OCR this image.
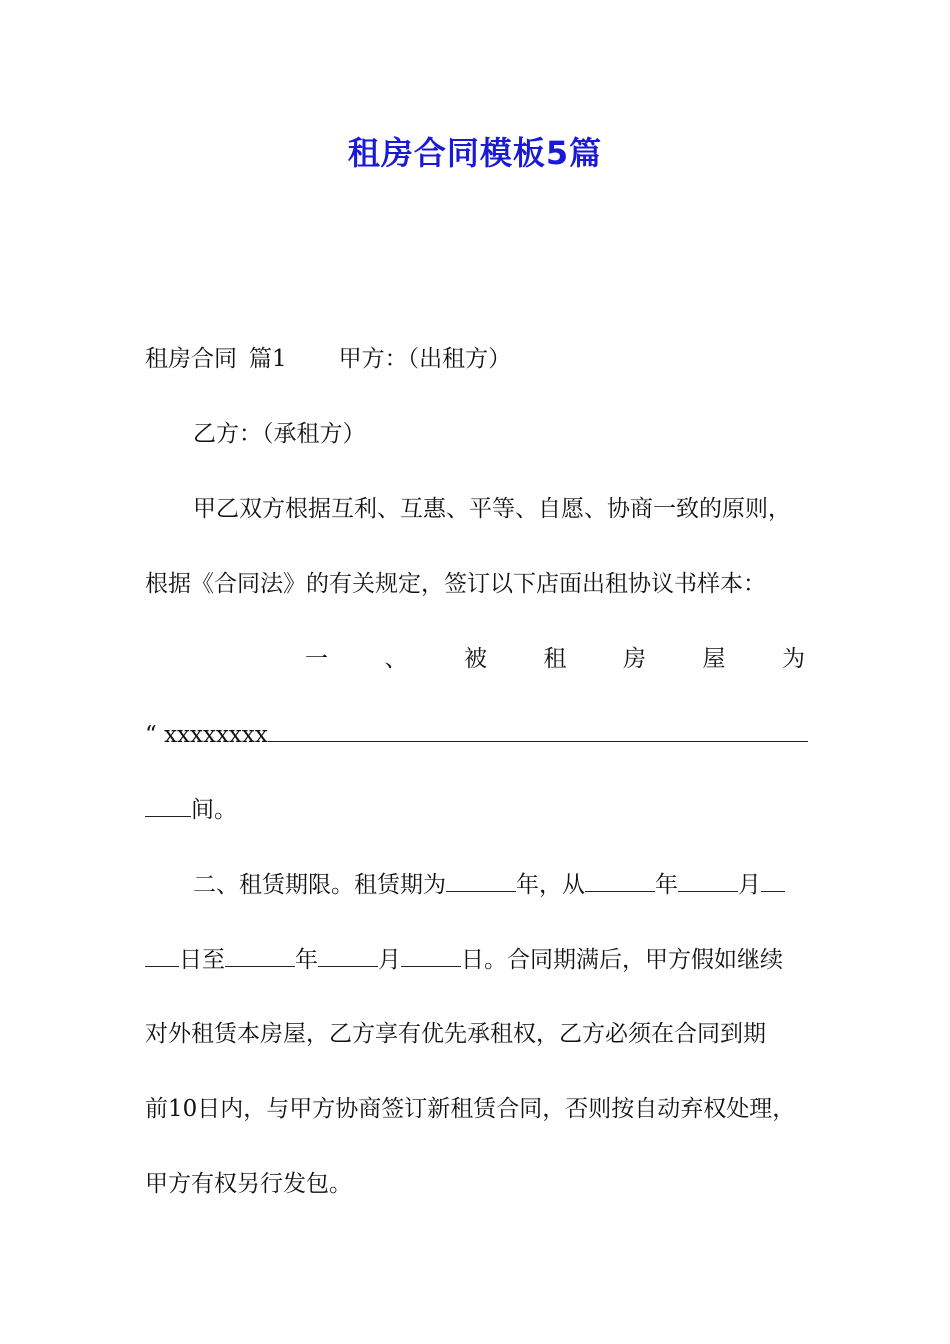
租房合同模板5篇

租房合同 篇1 甲方：（出租方）

乙方：（承租方）

甲乙双方根据互利、互惠、平等、自愿、协商一致的原则，

根据《合同法》的有关规定，签订以下店面出租协议书样本：

一 、 被 租 房 屋 为

“ xxxxxxxx

间。

二、租赁期限。租赁期为	年，从	年	月

日至	年	月	日。合同期满后，甲方假如继续

对外租赁本房屋，乙方享有优先承租权，乙方必须在合同到期

前10日内，与甲方协商签订新租赁合同，否则按自动弃权处理，

甲方有权另行发包。
